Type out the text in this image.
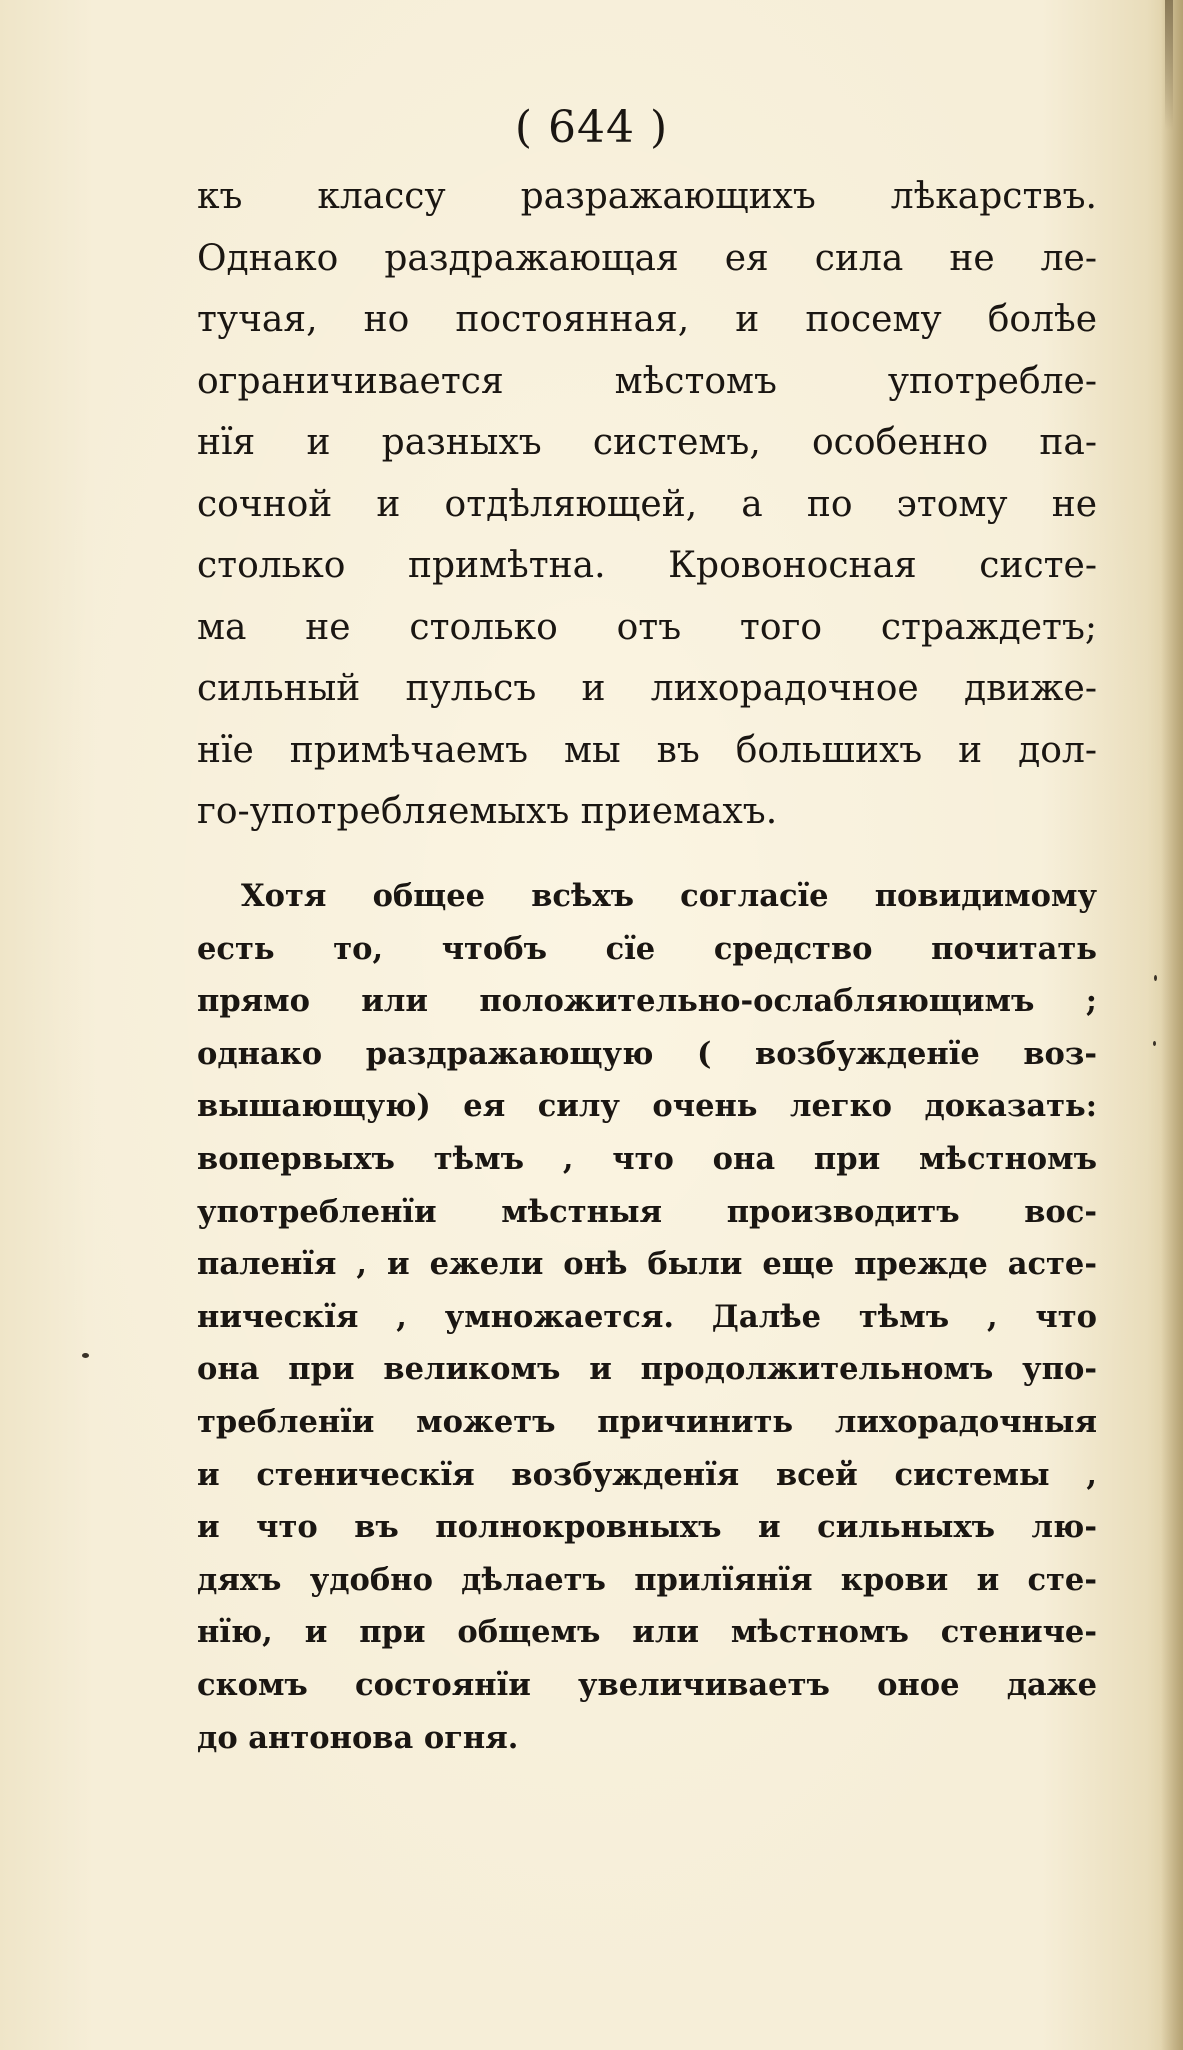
( 644 )

къ классу разражающихъ лѣкарствъ.
Однако раздражающая ея сила не ле-
тучая, но постоянная, и посему болѣе
ограничивается мѣстомъ употребле-
нїя и разныхъ системъ, особенно па-
сочной и отдѣляющей, а по этому не
столько примѣтна. Кровоносная систе-
ма не столько отъ того страждетъ;
сильный пульсъ и лихорадочное движе-
нїе примѣчаемъ мы въ большихъ и дол-
го-употребляемыхъ приемахъ.

Хотя общее всѣхъ согласїе повидимому
есть то, чтобъ сїе средство почитать
прямо или положительно-ослабляющимъ ;
однако раздражающую ( возбужденїе воз-
вышающую) ея силу очень легко доказать:
вопервыхъ тѣмъ , что она при мѣстномъ
употребленїи мѣстныя производитъ вос-
паленїя , и ежели онѣ были еще прежде асте-
ническїя , умножается. Далѣе тѣмъ , что
она при великомъ и продолжительномъ упо-
требленїи можетъ причинить лихорадочныя
и стеническїя возбужденїя всей системы ,
и что въ полнокровныхъ и сильныхъ лю-
дяхъ удобно дѣлаетъ прилїянїя крови и сте-
нїю, и при общемъ или мѣстномъ стениче-
скомъ состоянїи увеличиваетъ оное даже
до антонова огня.
